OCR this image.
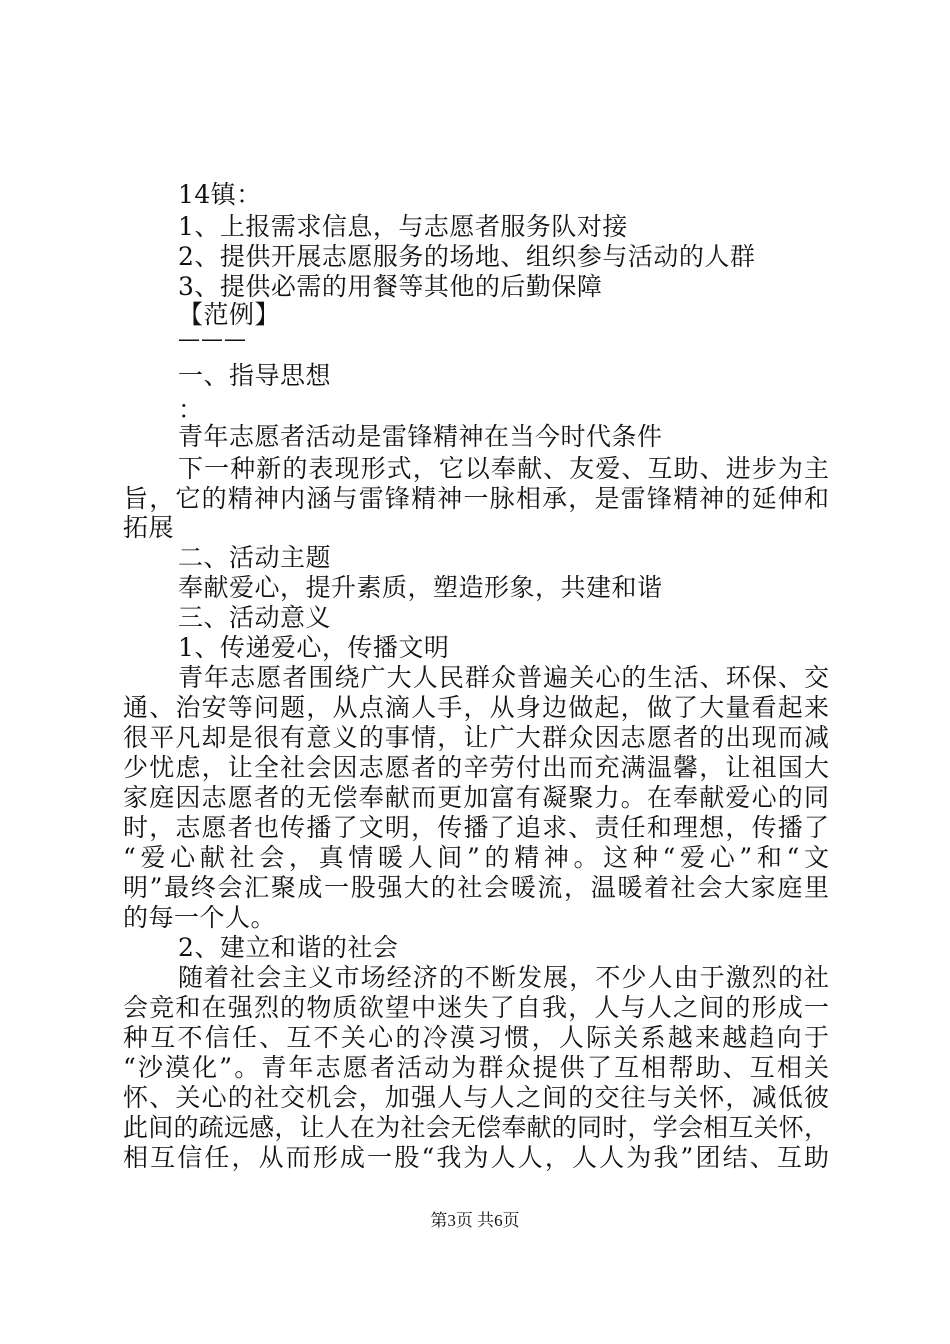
14镇：
1、上报需求信息，与志愿者服务队对接
2、提供开展志愿服务的场地、组织参与活动的人群
3、提供必需的用餐等其他的后勤保障
【范例】
———
一、指导思想
：
青年志愿者活动是雷锋精神在当今时代条件
下一种新的表现形式，它以奉献、友爱、互助、进步为主
旨，它的精神内涵与雷锋精神一脉相承，是雷锋精神的延伸和
拓展
二、活动主题
奉献爱心，提升素质，塑造形象，共建和谐
三、活动意义
1、传递爱心，传播文明
青年志愿者围绕广大人民群众普遍关心的生活、环保、交
通、治安等问题，从点滴人手，从身边做起，做了大量看起来
很平凡却是很有意义的事情，让广大群众因志愿者的出现而减
少忧虑，让全社会因志愿者的辛劳付出而充满温馨，让祖国大
家庭因志愿者的无偿奉献而更加富有凝聚力。在奉献爱心的同
时，志愿者也传播了文明，传播了追求、责任和理想，传播了
“爱心献社会，真情暖人间”的精神。这种“爱心”和“文
明”最终会汇聚成一股强大的社会暖流，温暖着社会大家庭里
的每一个人。
2、建立和谐的社会
随着社会主义市场经济的不断发展，不少人由于激烈的社
会竞和在强烈的物质欲望中迷失了自我，人与人之间的形成一
种互不信任、互不关心的冷漠习惯，人际关系越来越趋向于
“沙漠化”。青年志愿者活动为群众提供了互相帮助、互相关
怀、关心的社交机会，加强人与人之间的交往与关怀，减低彼
此间的疏远感，让人在为社会无偿奉献的同时，学会相互关怀，
相互信任，从而形成一股“我为人人，人人为我”团结、互助
第3页 共6页
